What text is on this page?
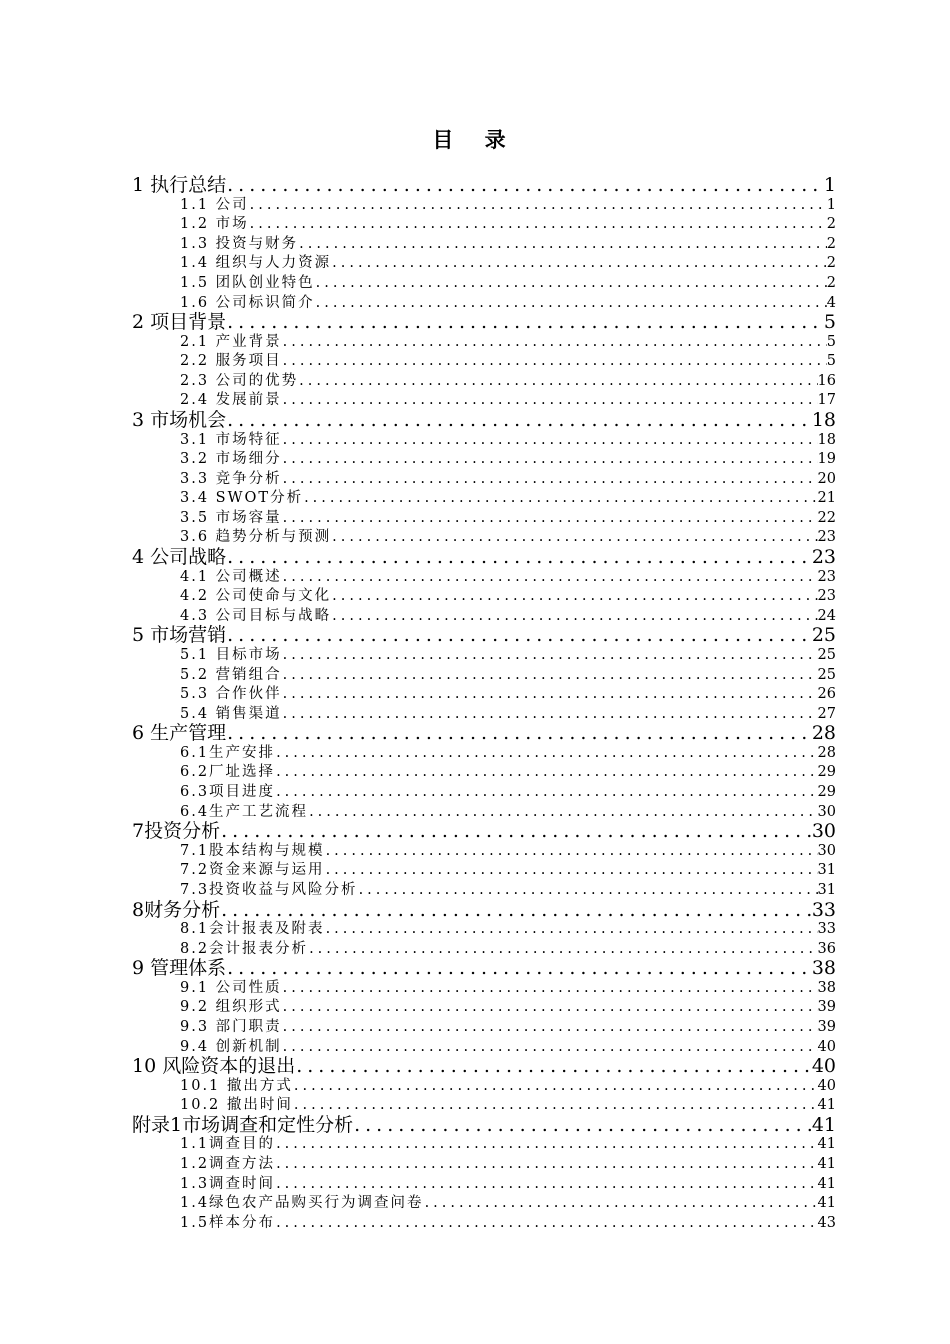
目 录
1 执行总结 .....	1
1.1 公司 .....	1
1.2 市场 .....	2
1.3 投资与财务 .....	2
1.4 组织与人力资源 .....	2
1.5 团队创业特色 .....	2
1.6 公司标识简介 .....	4
2 项目背景 .....	5
2.1 产业背景 .....	5
2.2 服务项目 .....	5
2.3 公司的优势 .....	16
2.4 发展前景 .....	17
3 市场机会 .....	18
3.1 市场特征 .....	18
3.2 市场细分 .....	19
3.3 竞争分析 .....	20
3.4 SWOT分析 .....	21
3.5 市场容量 .....	22
3.6 趋势分析与预测 .....	23
4 公司战略 .....	23
4.1 公司概述 .....	23
4.2 公司使命与文化 .....	23
4.3 公司目标与战略 .....	24
5 市场营销 .....	25
5.1 目标市场 .....	25
5.2 营销组合 .....	25
5.3 合作伙伴 .....	26
5.4 销售渠道 .....	27
6 生产管理 .....	28
6.1生产安排 .....	28
6.2厂址选择 .....	29
6.3项目进度 .....	29
6.4生产工艺流程 .....	30
7投资分析 .....	30
7.1股本结构与规模 .....	30
7.2资金来源与运用 .....	31
7.3投资收益与风险分析 .....	31
8财务分析 .....	33
8.1会计报表及附表 .....	33
8.2会计报表分析 .....	36
9 管理体系 .....	38
9.1 公司性质 .....	38
9.2 组织形式 .....	39
9.3 部门职责 .....	39
9.4 创新机制 .....	40
10 风险资本的退出 .....	40
10.1 撤出方式 .....	40
10.2 撤出时间 .....	41
附录1市场调查和定性分析 .....	41
1.1调查目的 .....	41
1.2调查方法 .....	41
1.3调查时间 .....	41
1.4绿色农产品购买行为调查问卷 .....	41
1.5样本分布 .....	43
